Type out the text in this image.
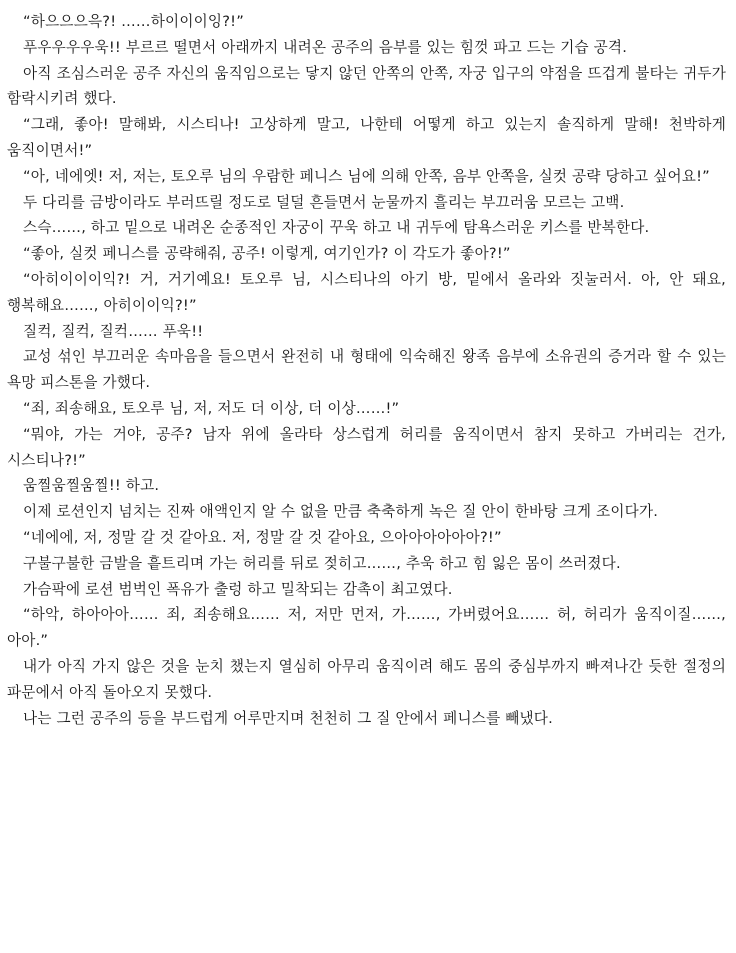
“하으으으윽?! ……하이이이잉?!”

푸우우우우욱!! 부르르 떨면서 아래까지 내려온 공주의 음부를 있는 힘껏 파고 드는 기습 공격.

아직 조심스러운 공주 자신의 움직임으로는 닿지 않던 안쪽의 안쪽, 자궁 입구의 약점을 뜨겁게 불타는 귀두가 함락시키려 했다.

“그래, 좋아! 말해봐, 시스티나! 고상하게 말고, 나한테 어떻게 하고 있는지 솔직하게 말해! 천박하게 움직이면서!”

“아, 네에엣! 저, 저는, 토오루 님의 우람한 페니스 님에 의해 안쪽, 음부 안쪽을, 실컷 공략 당하고 싶어요!”

두 다리를 금방이라도 부러뜨릴 정도로 덜덜 흔들면서 눈물까지 흘리는 부끄러움 모르는 고백.

스슥……, 하고 밑으로 내려온 순종적인 자궁이 꾸욱 하고 내 귀두에 탐욕스러운 키스를 반복한다.

“좋아, 실컷 페니스를 공략해줘, 공주! 이렇게, 여기인가? 이 각도가 좋아?!”

“아히이이이익?! 거, 거기예요! 토오루 님, 시스티나의 아기 방, 밑에서 올라와 짓눌러서. 아, 안 돼요, 행복해요……, 아히이이익?!”

질컥, 질컥, 질컥…… 푸욱!!

교성 섞인 부끄러운 속마음을 들으면서 완전히 내 형태에 익숙해진 왕족 음부에 소유권의 증거라 할 수 있는 욕망 피스톤을 가했다.

“죄, 죄송해요, 토오루 님, 저, 저도 더 이상, 더 이상……!”

“뭐야, 가는 거야, 공주? 남자 위에 올라타 상스럽게 허리를 움직이면서 참지 못하고 가버리는 건가, 시스티나?!”

움찔움찔움찔!! 하고.

이제 로션인지 넘치는 진짜 애액인지 알 수 없을 만큼 축축하게 녹은 질 안이 한바탕 크게 조이다가.

“네에에, 저, 정말 갈 것 같아요. 저, 정말 갈 것 같아요, 으아아아아아아?!”

구불구불한 금발을 흩트리며 가는 허리를 뒤로 젖히고……, 추욱 하고 힘 잃은 몸이 쓰러졌다.

가슴팍에 로션 범벅인 폭유가 출렁 하고 밀착되는 감촉이 최고였다.

“하악, 하아아아…… 죄, 죄송해요…… 저, 저만 먼저, 가……, 가버렸어요…… 허, 허리가 움직이질……, 아아.”

내가 아직 가지 않은 것을 눈치 챘는지 열심히 아무리 움직이려 해도 몸의 중심부까지 빠져나간 듯한 절정의 파문에서 아직 돌아오지 못했다.

나는 그런 공주의 등을 부드럽게 어루만지며 천천히 그 질 안에서 페니스를 빼냈다.
